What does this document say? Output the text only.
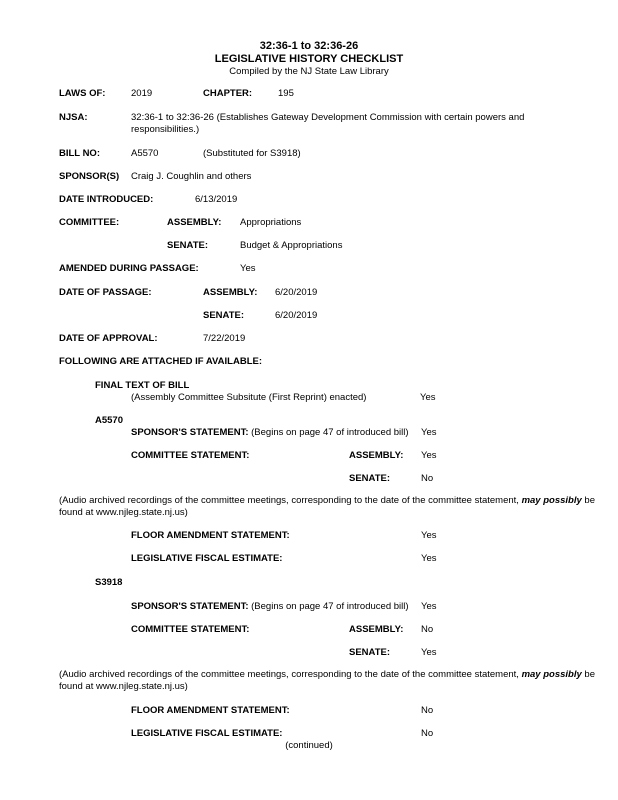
32:36-1 to 32:36-26
LEGISLATIVE HISTORY CHECKLIST
Compiled by the NJ State Law Library
LAWS OF:	2019	CHAPTER:	195
NJSA:	32:36-1 to 32:36-26 (Establishes Gateway Development Commission with certain powers and responsibilities.)
BILL NO:	A5570	(Substituted for S3918)
SPONSOR(S) Craig J. Coughlin and others
DATE INTRODUCED:	6/13/2019
COMMITTEE:	ASSEMBLY: Appropriations
SENATE:	Budget & Appropriations
AMENDED DURING PASSAGE:	Yes
DATE OF PASSAGE:	ASSEMBLY: 6/20/2019
SENATE:	6/20/2019
DATE OF APPROVAL:	7/22/2019
FOLLOWING ARE ATTACHED IF AVAILABLE:
FINAL TEXT OF BILL
(Assembly Committee Subsitute (First Reprint) enacted)	Yes
A5570
SPONSOR'S STATEMENT: (Begins on page 47 of introduced bill) Yes
COMMITTEE STATEMENT:	ASSEMBLY: Yes
SENATE:	No
(Audio archived recordings of the committee meetings, corresponding to the date of the committee statement, may possibly be found at www.njleg.state.nj.us)
FLOOR AMENDMENT STATEMENT:	Yes
LEGISLATIVE FISCAL ESTIMATE:	Yes
S3918
SPONSOR'S STATEMENT: (Begins on page 47 of introduced bill) Yes
COMMITTEE STATEMENT:	ASSEMBLY: No
SENATE:	Yes
(Audio archived recordings of the committee meetings, corresponding to the date of the committee statement, may possibly be found at www.njleg.state.nj.us)
FLOOR AMENDMENT STATEMENT:	No
LEGISLATIVE FISCAL ESTIMATE:	No
(continued)
